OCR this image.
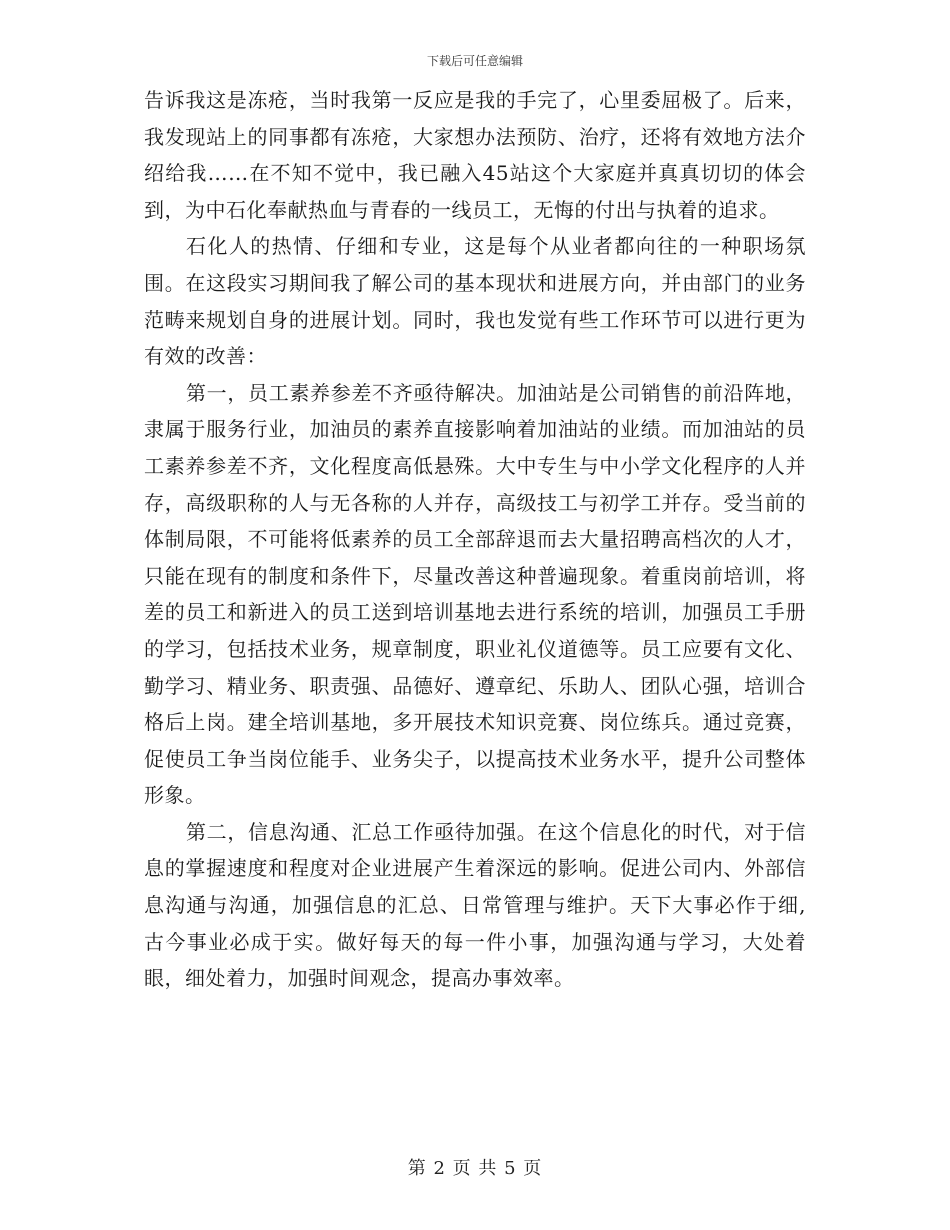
下载后可任意编辑

告诉我这是冻疮，当时我第一反应是我的手完了，心里委屈极了。后来，我发现站上的同事都有冻疮，大家想办法预防、治疗，还将有效地方法介绍给我……在不知不觉中，我已融入45站这个大家庭并真真切切的体会到，为中石化奉献热血与青春的一线员工，无悔的付出与执着的追求。

石化人的热情、仔细和专业，这是每个从业者都向往的一种职场氛围。在这段实习期间我了解公司的基本现状和进展方向，并由部门的业务范畴来规划自身的进展计划。同时，我也发觉有些工作环节可以进行更为有效的改善：

第一，员工素养参差不齐亟待解决。加油站是公司销售的前沿阵地，隶属于服务行业，加油员的素养直接影响着加油站的业绩。而加油站的员工素养参差不齐，文化程度高低悬殊。大中专生与中小学文化程序的人并存，高级职称的人与无各称的人并存，高级技工与初学工并存。受当前的体制局限，不可能将低素养的员工全部辞退而去大量招聘高档次的人才，只能在现有的制度和条件下，尽量改善这种普遍现象。着重岗前培训，将差的员工和新进入的员工送到培训基地去进行系统的培训，加强员工手册的学习，包括技术业务，规章制度，职业礼仪道德等。员工应要有文化、勤学习、精业务、职责强、品德好、遵章纪、乐助人、团队心强，培训合格后上岗。建全培训基地，多开展技术知识竞赛、岗位练兵。通过竞赛，促使员工争当岗位能手、业务尖子，以提高技术业务水平，提升公司整体形象。

第二，信息沟通、汇总工作亟待加强。在这个信息化的时代，对于信息的掌握速度和程度对企业进展产生着深远的影响。促进公司内、外部信息沟通与沟通，加强信息的汇总、日常管理与维护。天下大事必作于细,古今事业必成于实。做好每天的每一件小事，加强沟通与学习，大处着眼，细处着力，加强时间观念，提高办事效率。

第 2 页 共 5 页
